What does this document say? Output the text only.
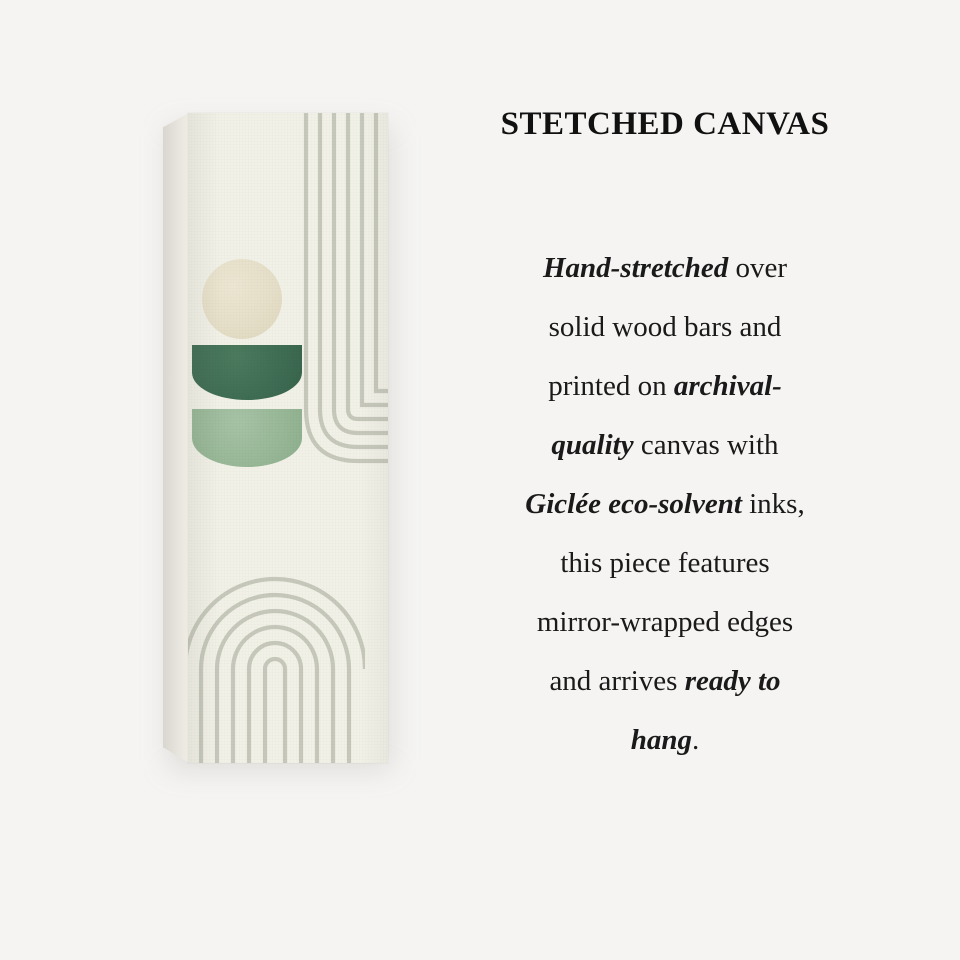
STETCHED CANVAS
Hand-stretched over
solid wood bars and
printed on archival-
quality canvas with
Giclée eco-solvent inks,
this piece features
mirror-wrapped edges
and arrives ready to
hang.
